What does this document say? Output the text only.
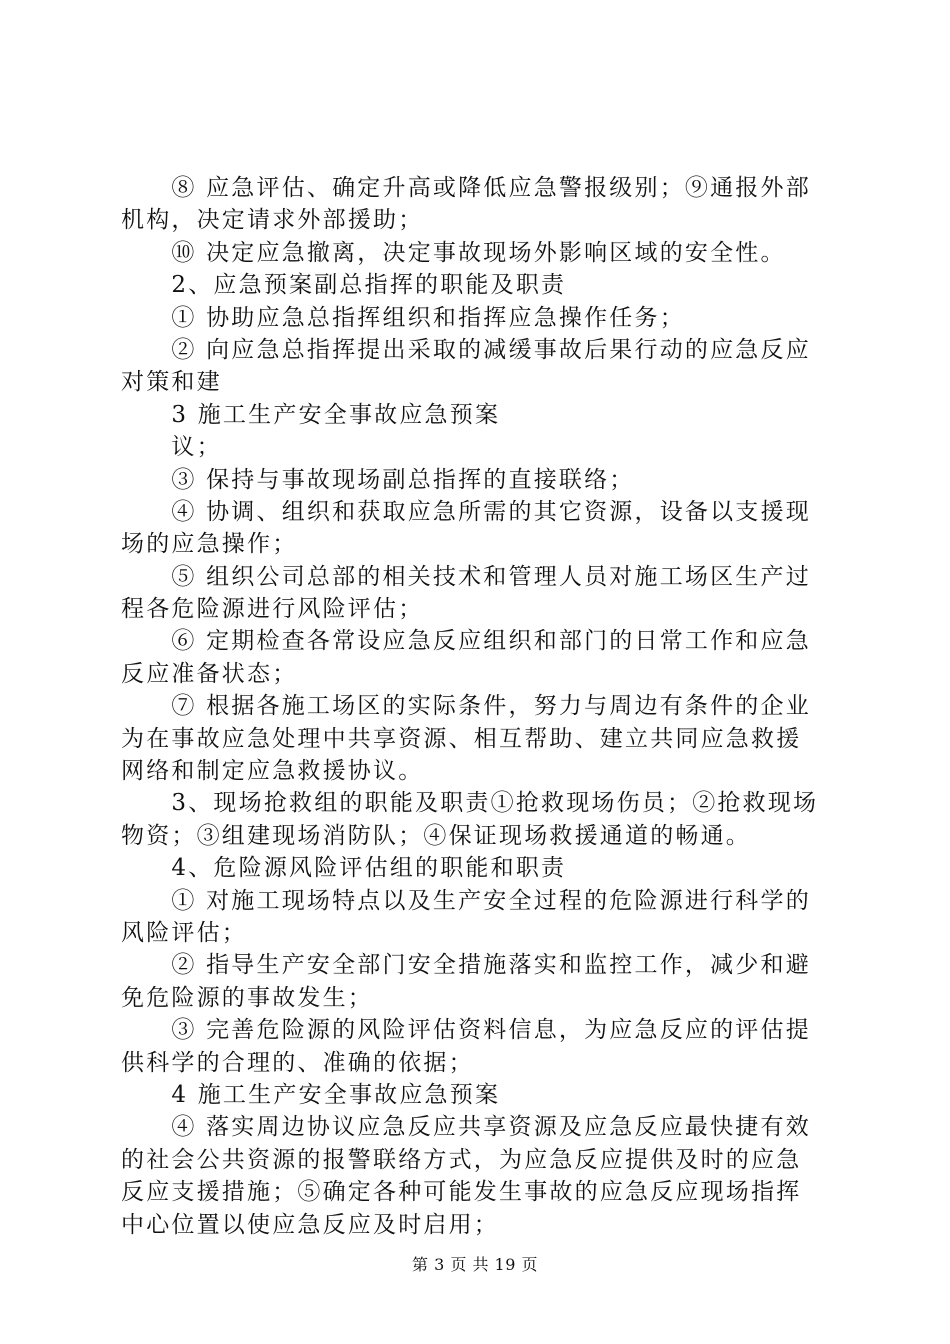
　　⑧ 应急评估、确定升高或降低应急警报级别；⑨通报外部
机构，决定请求外部援助；
　　⑩ 决定应急撤离，决定事故现场外影响区域的安全性。
　　2、应急预案副总指挥的职能及职责
　　① 协助应急总指挥组织和指挥应急操作任务；
　　② 向应急总指挥提出采取的减缓事故后果行动的应急反应
对策和建
　　3 施工生产安全事故应急预案
　　议；
　　③ 保持与事故现场副总指挥的直接联络；
　　④ 协调、组织和获取应急所需的其它资源，设备以支援现
场的应急操作；
　　⑤ 组织公司总部的相关技术和管理人员对施工场区生产过
程各危险源进行风险评估；
　　⑥ 定期检查各常设应急反应组织和部门的日常工作和应急
反应准备状态；
　　⑦ 根据各施工场区的实际条件，努力与周边有条件的企业
为在事故应急处理中共享资源、相互帮助、建立共同应急救援
网络和制定应急救援协议。
　　3、现场抢救组的职能及职责①抢救现场伤员；②抢救现场
物资；③组建现场消防队；④保证现场救援通道的畅通。
　　4、危险源风险评估组的职能和职责
　　① 对施工现场特点以及生产安全过程的危险源进行科学的
风险评估；
　　② 指导生产安全部门安全措施落实和监控工作，减少和避
免危险源的事故发生；
　　③ 完善危险源的风险评估资料信息，为应急反应的评估提
供科学的合理的、准确的依据；
　　4 施工生产安全事故应急预案
　　④ 落实周边协议应急反应共享资源及应急反应最快捷有效
的社会公共资源的报警联络方式，为应急反应提供及时的应急
反应支援措施；⑤确定各种可能发生事故的应急反应现场指挥
中心位置以使应急反应及时启用；
第 3 页 共 19 页
